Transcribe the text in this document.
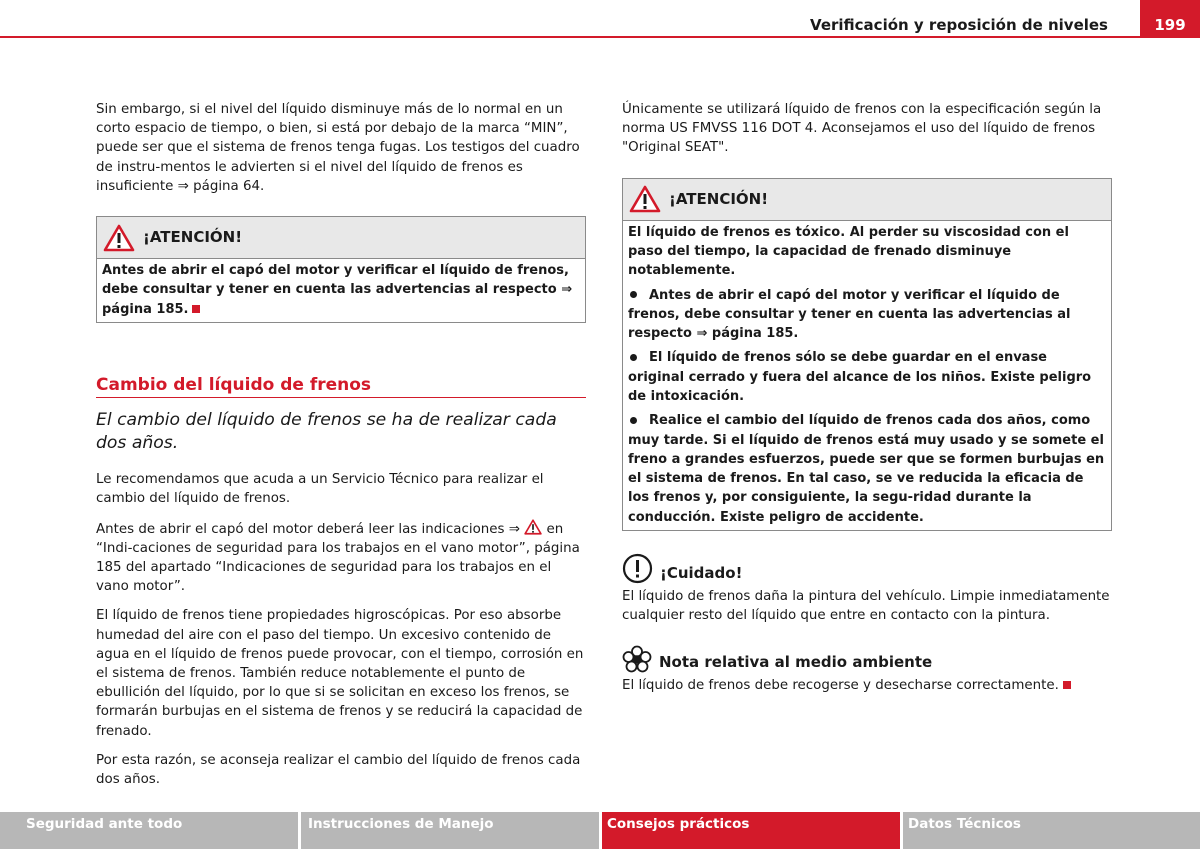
Verificación y reposición de niveles	199

Sin embargo, si el nivel del líquido disminuye más de lo normal en un corto espacio de tiempo, o bien, si está por debajo de la marca “MIN”, puede ser que el sistema de frenos tenga fugas. Los testigos del cuadro de instru-mentos le advierten si el nivel del líquido de frenos es insuficiente ⇒ página 64.

¡ATENCIÓN!
Antes de abrir el capó del motor y verificar el líquido de frenos, debe consultar y tener en cuenta las advertencias al respecto ⇒ página 185.
Cambio del líquido de frenos
El cambio del líquido de frenos se ha de realizar cada dos años.

Le recomendamos que acuda a un Servicio Técnico para realizar el cambio del líquido de frenos.

Antes de abrir el capó del motor deberá leer las indicaciones ⇒ en “Indi-caciones de seguridad para los trabajos en el vano motor”, página 185 del apartado “Indicaciones de seguridad para los trabajos en el vano motor”.

El líquido de frenos tiene propiedades higroscópicas. Por eso absorbe humedad del aire con el paso del tiempo. Un excesivo contenido de agua en el líquido de frenos puede provocar, con el tiempo, corrosión en el sistema de frenos. También reduce notablemente el punto de ebullición del líquido, por lo que si se solicitan en exceso los frenos, se formarán burbujas en el sistema de frenos y se reducirá la capacidad de frenado.

Por esta razón, se aconseja realizar el cambio del líquido de frenos cada dos años.

Únicamente se utilizará líquido de frenos con la especificación según la norma US FMVSS 116 DOT 4. Aconsejamos el uso del líquido de frenos "Original SEAT".

¡ATENCIÓN!
El líquido de frenos es tóxico. Al perder su viscosidad con el paso del tiempo, la capacidad de frenado disminuye notablemente.
Antes de abrir el capó del motor y verificar el líquido de frenos, debe consultar y tener en cuenta las advertencias al respecto ⇒ página 185.
El líquido de frenos sólo se debe guardar en el envase original cerrado y fuera del alcance de los niños. Existe peligro de intoxicación.
Realice el cambio del líquido de frenos cada dos años, como muy tarde. Si el líquido de frenos está muy usado y se somete el freno a grandes esfuerzos, puede ser que se formen burbujas en el sistema de frenos. En tal caso, se ve reducida la eficacia de los frenos y, por consiguiente, la segu-ridad durante la conducción. Existe peligro de accidente.
¡Cuidado!

El líquido de frenos daña la pintura del vehículo. Limpie inmediatamente cualquier resto del líquido que entre en contacto con la pintura.

Nota relativa al medio ambiente

El líquido de frenos debe recogerse y desecharse correctamente.

Seguridad ante todo	Instrucciones de Manejo	Consejos prácticos	Datos Técnicos
